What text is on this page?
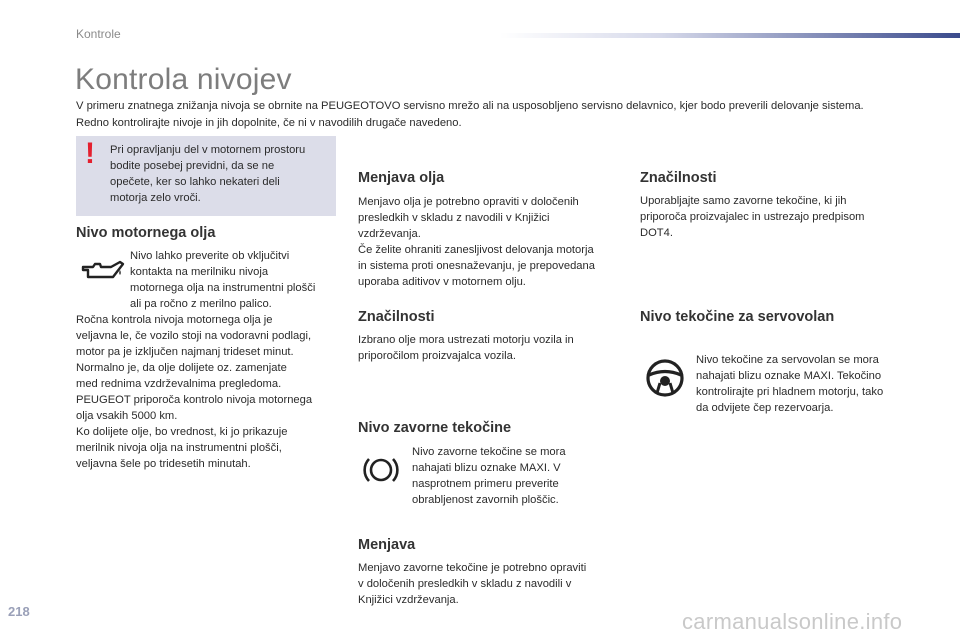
Kontrole
Kontrola nivojev
V primeru znatnega znižanja nivoja se obrnite na PEUGEOTOVO servisno mrežo ali na usposobljeno servisno delavnico, kjer bodo preverili delovanje sistema.
Redno kontrolirajte nivoje in jih dopolnite, če ni v navodilih drugače navedeno.
! Pri opravljanju del v motornem prostoru
bodite posebej previdni, da se ne
opečete, ker so lahko nekateri deli
motorja zelo vroči.
Nivo motornega olja
Nivo lahko preverite ob vključitvi
kontakta na merilniku nivoja
motornega olja na instrumentni plošči
ali pa ročno z merilno palico.
Ročna kontrola nivoja motornega olja je
veljavna le, če vozilo stoji na vodoravni podlagi,
motor pa je izključen najmanj trideset minut.
Normalno je, da olje dolijete oz. zamenjate
med rednima vzdrževalnima pregledoma.
PEUGEOT priporoča kontrolo nivoja motornega
olja vsakih 5000 km.
Ko dolijete olje, bo vrednost, ki jo prikazuje
merilnik nivoja olja na instrumentni plošči,
veljavna šele po tridesetih minutah.
Menjava olja
Menjavo olja je potrebno opraviti v določenih
presledkih v skladu z navodili v Knjižici
vzdrževanja.
Če želite ohraniti zanesljivost delovanja motorja
in sistema proti onesnaževanju, je prepovedana
uporaba aditivov v motornem olju.
Značilnosti
Izbrano olje mora ustrezati motorju vozila in
priporočilom proizvajalca vozila.
Nivo zavorne tekočine
Nivo zavorne tekočine se mora
nahajati blizu oznake MAXI. V
nasprotnem primeru preverite
obrabljenost zavornih ploščic.
Menjava
Menjavo zavorne tekočine je potrebno opraviti
v določenih presledkih v skladu z navodili v
Knjižici vzdrževanja.
Značilnosti
Uporabljajte samo zavorne tekočine, ki jih
priporoča proizvajalec in ustrezajo predpisom
DOT4.
Nivo tekočine za servovolan
Nivo tekočine za servovolan se mora
nahajati blizu oznake MAXI. Tekočino
kontrolirajte pri hladnem motorju, tako
da odvijete čep rezervoarja.
218	carmanualsonline.info
